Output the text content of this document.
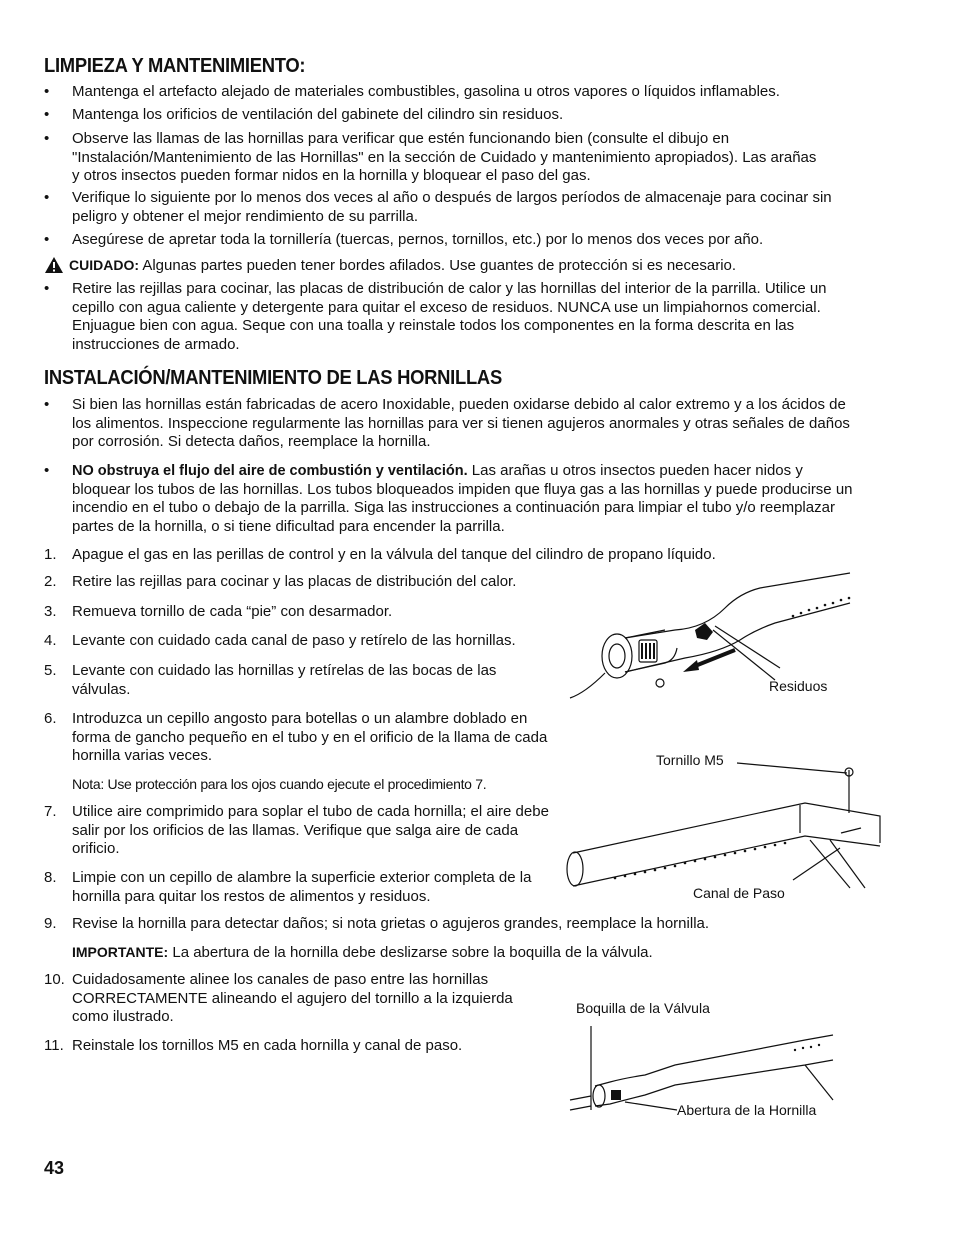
LIMPIEZA Y MANTENIMIENTO:
•	Mantenga el artefacto alejado de materiales combustibles, gasolina u otros vapores o líquidos inflamables.
•	Mantenga los orificios de ventilación del gabinete del cilindro sin residuos.
•	Observe las llamas de las hornillas para verificar que estén funcionando bien (consulte el dibujo en "Instalación/Mantenimiento de las Hornillas" en la sección de Cuidado y mantenimiento apropiados). Las arañas y otros insectos pueden formar nidos en la hornilla y bloquear el paso del gas.
•	Verifique lo siguiente por lo menos dos veces al año o después de largos períodos de almacenaje para cocinar sin peligro y obtener el mejor rendimiento de su parrilla.
•	Asegúrese de apretar toda la tornillería (tuercas, pernos, tornillos, etc.) por lo menos dos veces por año.
CUIDADO: Algunas partes pueden tener bordes afilados. Use guantes de protección si es necesario.
•	Retire las rejillas para cocinar, las placas de distribución de calor y las hornillas del interior de la parrilla. Utilice un cepillo con agua caliente y detergente para quitar el exceso de residuos. NUNCA use un limpiahornos comercial. Enjuague bien con agua. Seque con una toalla y reinstale todos los componentes en la forma descrita en las instrucciones de armado.
INSTALACIÓN/MANTENIMIENTO DE LAS HORNILLAS
•	Si bien las hornillas están fabricadas de acero Inoxidable, pueden oxidarse debido al calor extremo y a los ácidos de los alimentos. Inspeccione regularmente las hornillas para ver si tienen agujeros anormales y otras señales de daños por corrosión. Si detecta daños, reemplace la hornilla.
•	NO obstruya el flujo del aire de combustión y ventilación. Las arañas u otros insectos pueden hacer nidos y bloquear los tubos de las hornillas. Los tubos bloqueados impiden que fluya gas a las hornillas y puede producirse un incendio en el tubo o debajo de la parrilla. Siga las instrucciones a continuación para limpiar el tubo y/o reemplazar partes de la hornilla, o si tiene dificultad para encender la parrilla.
1.	Apague el gas en las perillas de control y en la válvula del tanque del cilindro de propano líquido.
2.	Retire las rejillas para cocinar y las placas de distribución del calor.
3.	Remueva tornillo de cada “pie” con desarmador.
4.	Levante con cuidado cada canal de paso y retírelo de las hornillas.
5.	Levante con cuidado las hornillas y retírelas de las bocas de las válvulas.
6.	Introduzca un cepillo angosto para botellas o un alambre doblado en forma de gancho pequeño en el tubo y en el orificio de la llama de cada hornilla varias veces.
Nota: Use protección para los ojos cuando ejecute el procedimiento 7.
7.	Utilice aire comprimido para soplar el tubo de cada hornilla; el aire debe salir por los orificios de las llamas. Verifique que salga aire de cada orificio.
8.	Limpie con un cepillo de alambre la superficie exterior completa de la hornilla para quitar los restos de alimentos y residuos.
9.	Revise la hornilla para detectar daños; si nota grietas o agujeros grandes, reemplace la hornilla.
IMPORTANTE: La abertura de la hornilla debe deslizarse sobre la boquilla de la válvula.
10. Cuidadosamente alinee los canales de paso entre las hornillas CORRECTAMENTE alineando el agujero del tornillo a la izquierda como ilustrado.
11. Reinstale los tornillos M5 en cada hornilla y canal de paso.
Residuos
Tornillo M5
Canal de Paso
Boquilla de la Válvula
Abertura de la Hornilla
43
